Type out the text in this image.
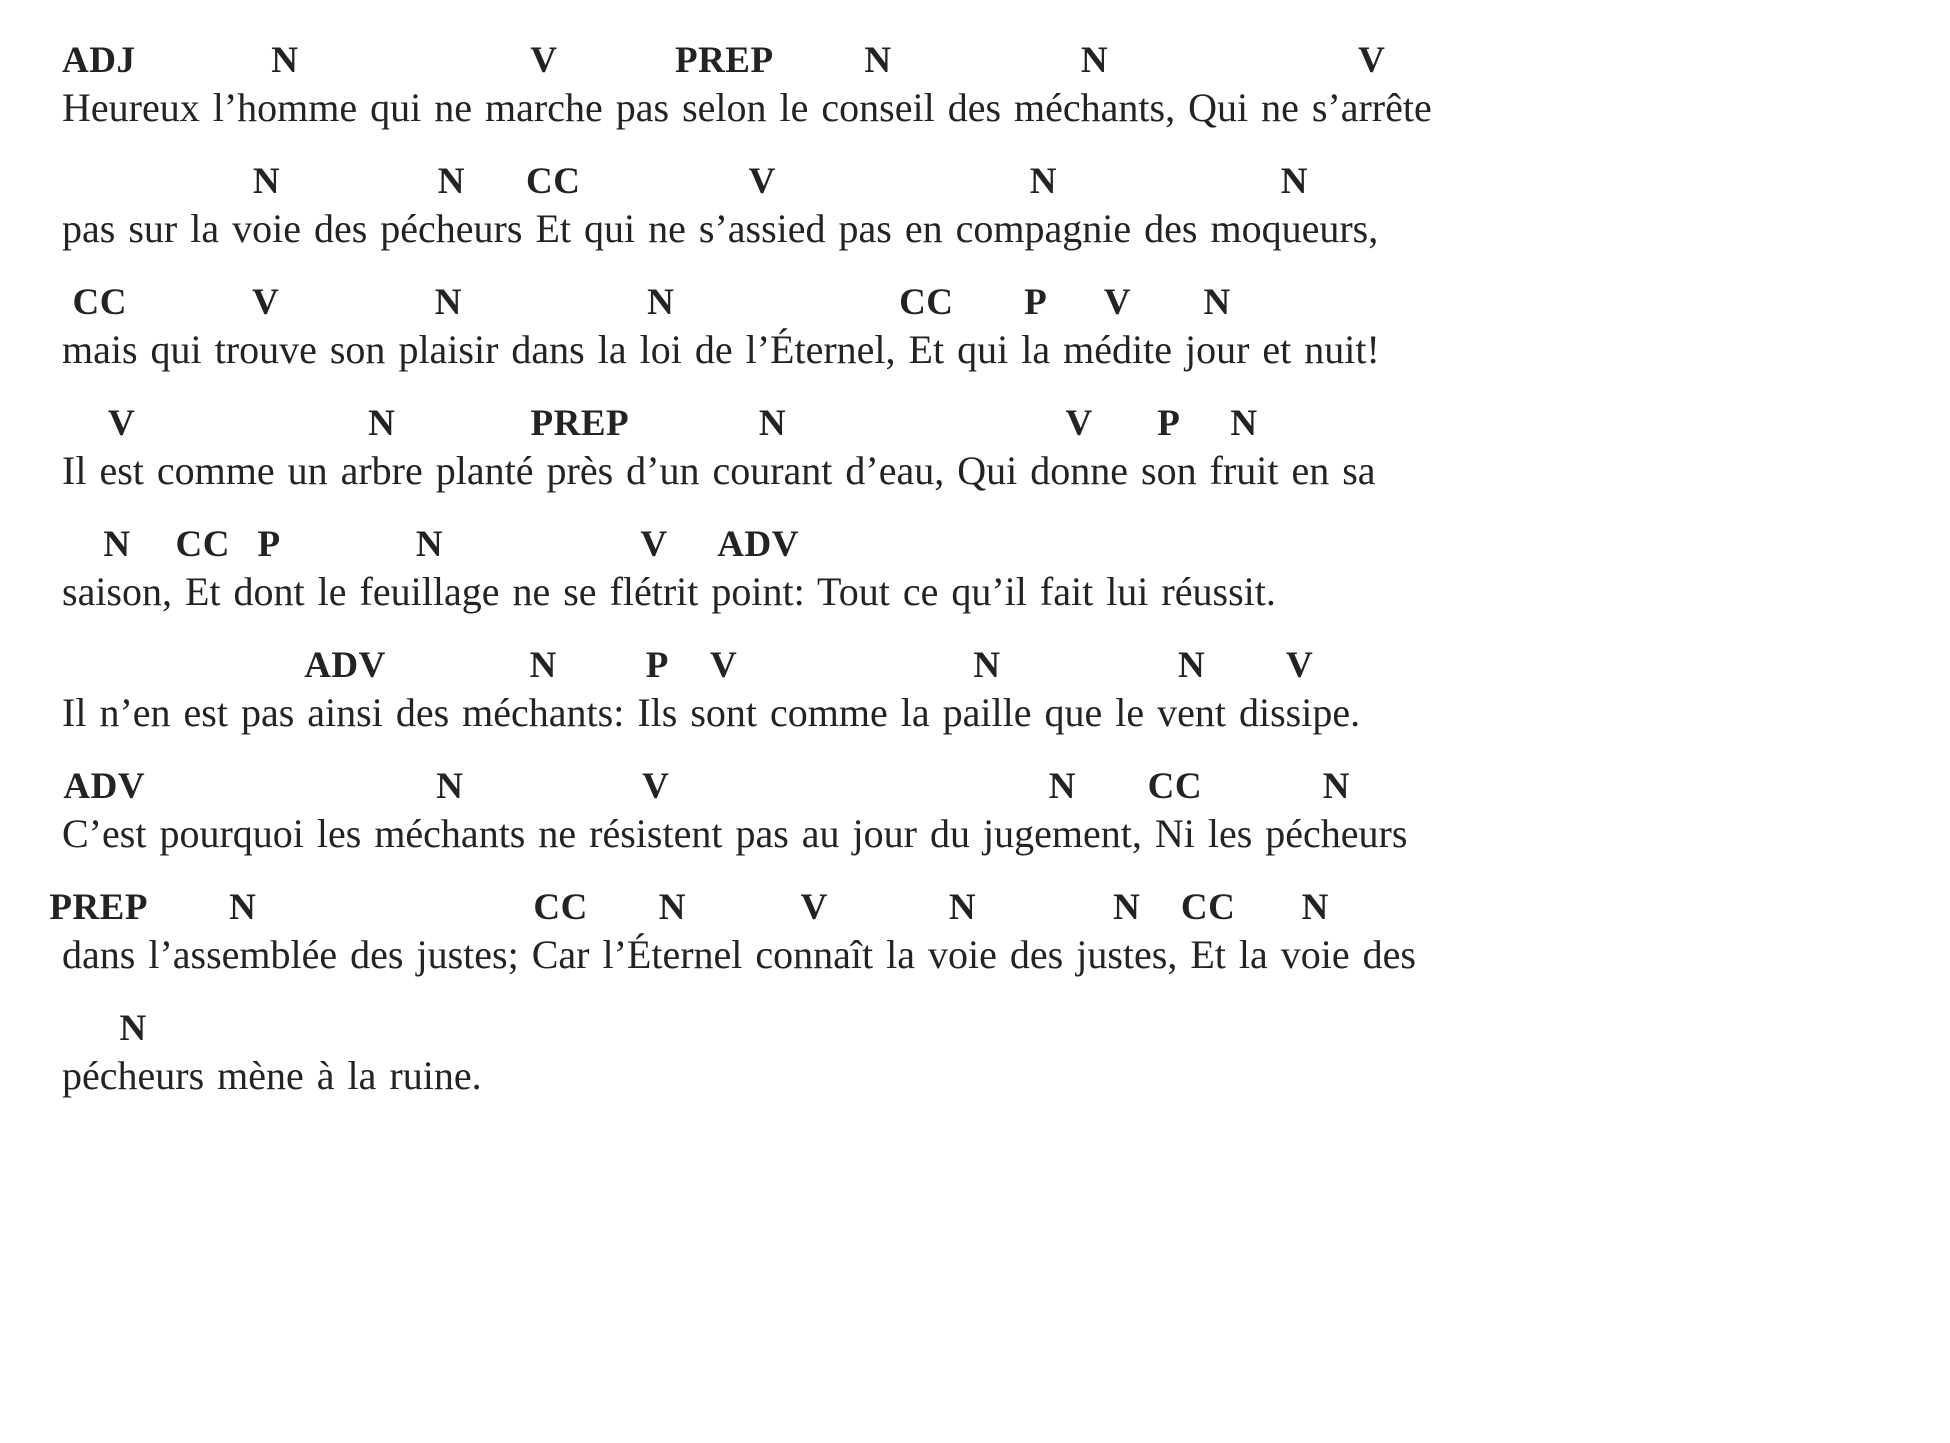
ADJ
Heureux
N
l’homme qui ne
V
marche pas
PREP
selon le
N
conseil des
N
méchants, Qui ne
V
s’arrête
pas sur la
N
voie des
N
pécheurs
CC
Et qui ne
V
s’assied pas en
N
compagnie des
N
moqueurs,
CC
mais qui
V
trouve son
N
plaisir dans la
N
loi de l’Éternel,
CC
Et qui
P
la
V
médite
N
jour et nuit!
Il
V
est comme un
N
arbre planté
PREP
près d’un
N
courant d’eau, Qui
V
donne
P
son
N
fruit en sa
N
saison,
CC
Et
P
dont le
N
feuillage ne se
V
flétrit
ADV
point: Tout ce qu’il fait lui réussit.
Il n’en est pas
ADV
ainsi des
N
méchants:
P
Ils
V
sont comme la
N
paille que le
N
vent
V
dissipe.
ADV
C’est pourquoi les
N
méchants ne
V
résistent pas au jour du
N
jugement,
CC
Ni les
N
pécheurs
PREP
dans
N
l’assemblée des justes;
CC
Car
N
l’Éternel
V
connaît la
N
voie des
N
justes,
CC
Et la
N
voie des
N
pécheurs mène à la ruine.
